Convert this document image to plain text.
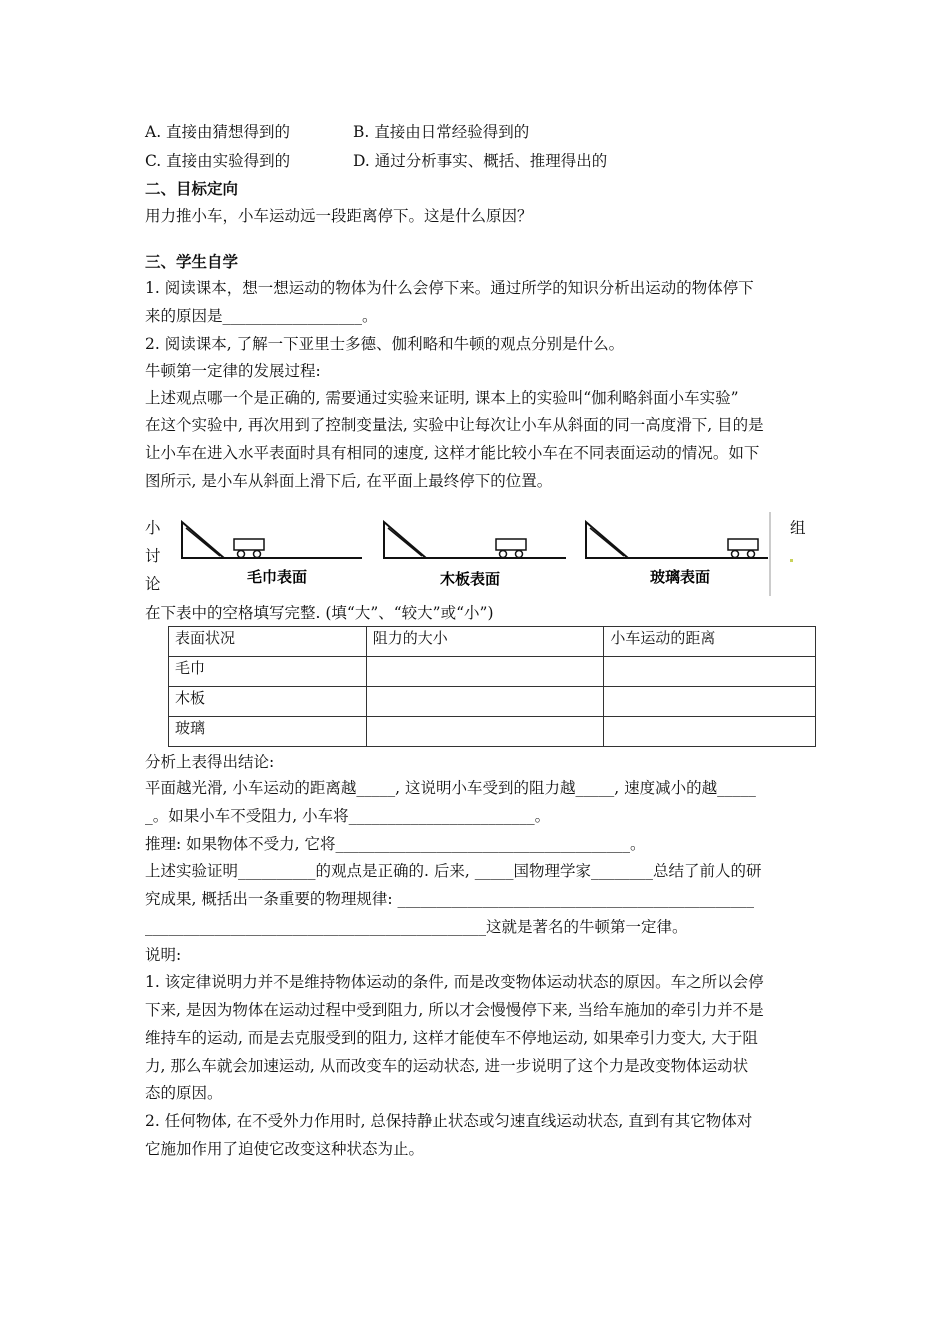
A. 直接由猜想得到的	B. 直接由日常经验得到的
C. 直接由实验得到的	D. 通过分析事实、概括、推理得出的
二、目标定向
用力推小车，小车运动远一段距离停下。这是什么原因？
三、学生自学
1. 阅读课本，想一想运动的物体为什么会停下来。通过所学的知识分析出运动的物体停下
来的原因是__________________。
2. 阅读课本, 了解一下亚里士多德、伽利略和牛顿的观点分别是什么。
牛顿第一定律的发展过程:
上述观点哪一个是正确的, 需要通过实验来证明, 课本上的实验叫“伽利略斜面小车实验”
在这个实验中, 再次用到了控制变量法, 实验中让每次让小车从斜面的同一高度滑下, 目的是
让小车在进入水平表面时具有相同的速度, 这样才能比较小车在不同表面运动的情况。如下
图所示, 是小车从斜面上滑下后, 在平面上最终停下的位置。
小
讨
论
组
毛巾表面	木板表面	玻璃表面
在下表中的空格填写完整. (填“大”、“较大”或“小”)
表面状况	阻力的大小	小车运动的距离
毛巾		
木板		
玻璃		
分析上表得出结论:
平面越光滑, 小车运动的距离越_____, 这说明小车受到的阻力越_____, 速度减小的越_____
_。如果小车不受阻力, 小车将________________________。
推理: 如果物体不受力, 它将______________________________________。
上述实验证明__________的观点是正确的. 后来, _____国物理学家________总结了前人的研
究成果, 概括出一条重要的物理规律: ______________________________________________
____________________________________________这就是著名的牛顿第一定律。
说明:
1. 该定律说明力并不是维持物体运动的条件, 而是改变物体运动状态的原因。车之所以会停
下来, 是因为物体在运动过程中受到阻力, 所以才会慢慢停下来, 当给车施加的牵引力并不是
维持车的运动, 而是去克服受到的阻力, 这样才能使车不停地运动, 如果牵引力变大, 大于阻
力, 那么车就会加速运动, 从而改变车的运动状态, 进一步说明了这个力是改变物体运动状
态的原因。
2. 任何物体, 在不受外力作用时, 总保持静止状态或匀速直线运动状态, 直到有其它物体对
它施加作用了迫使它改变这种状态为止。
